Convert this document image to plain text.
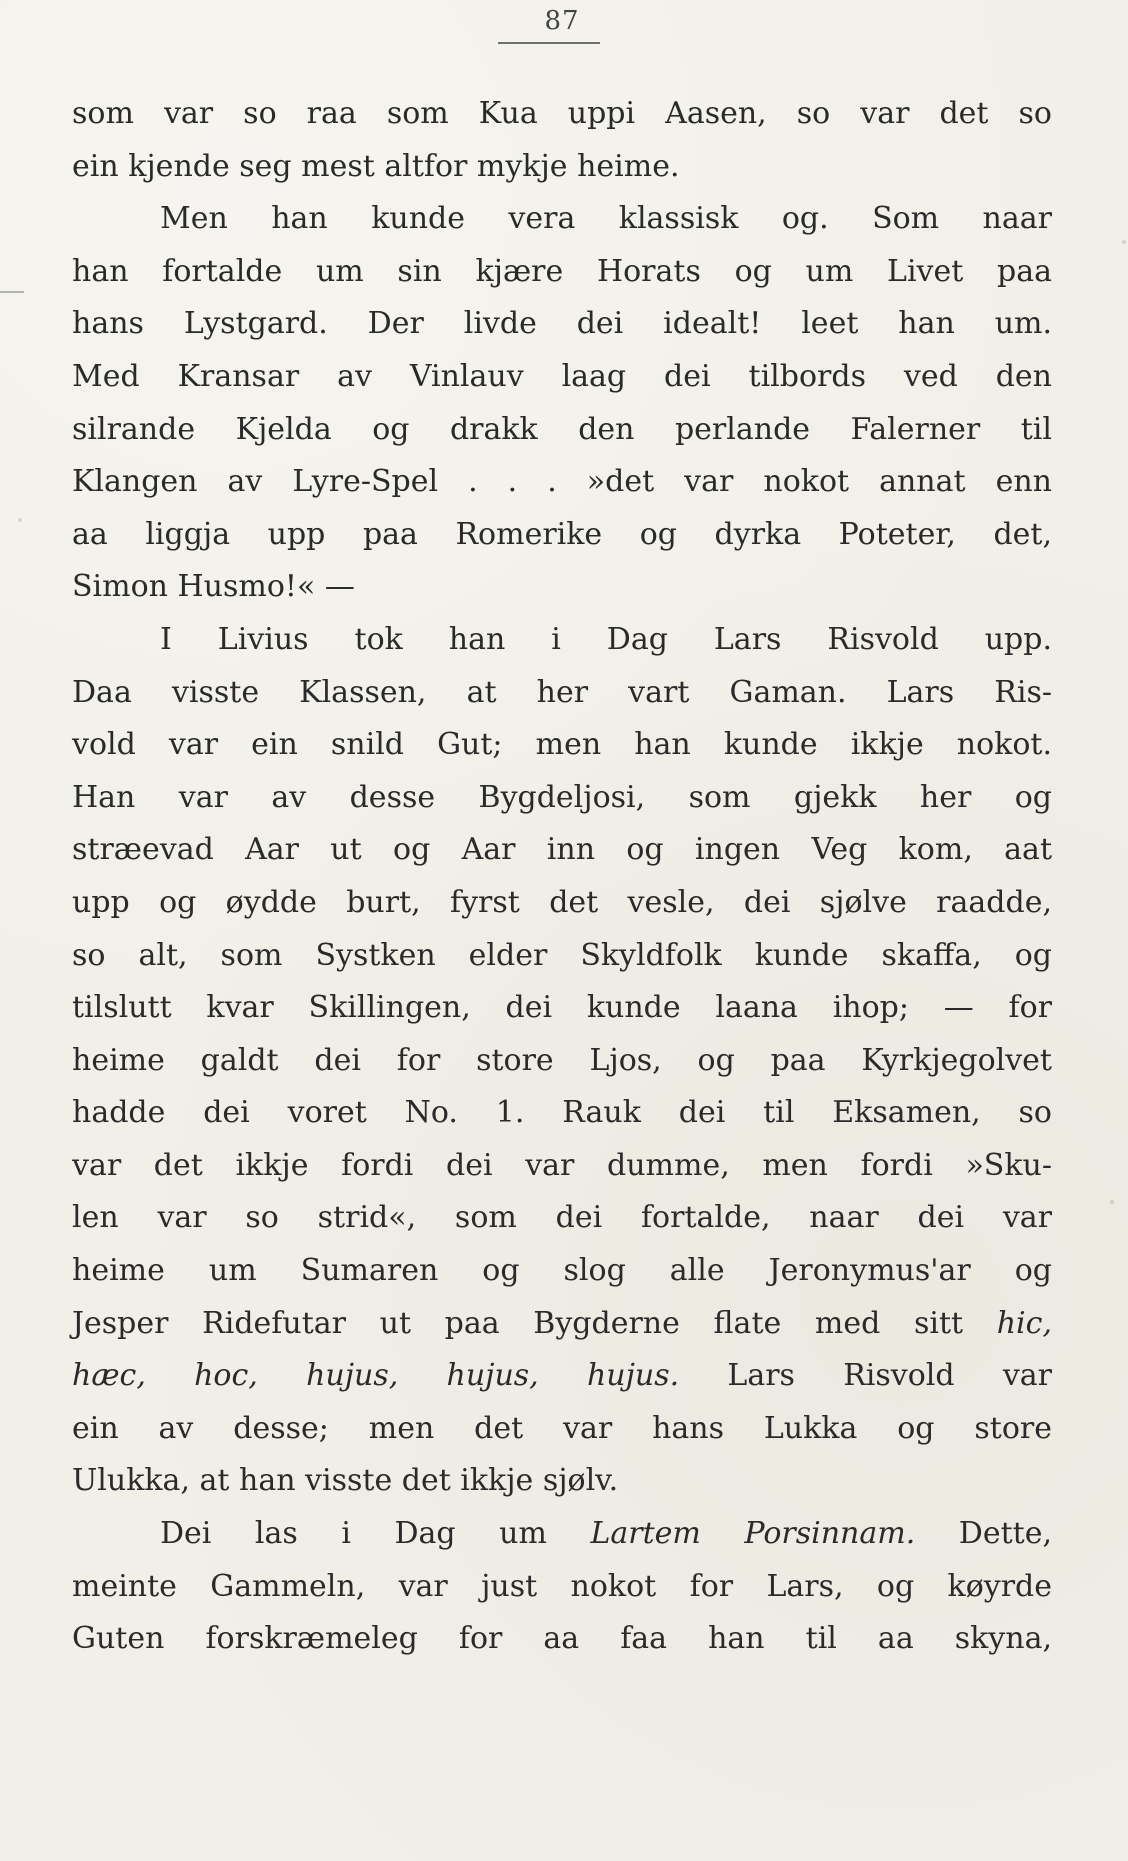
87
som var so raa som Kua uppi Aasen, so var det so
ein kjende seg mest altfor mykje heime.
Men han kunde vera klassisk og. Som naar
han fortalde um sin kjære Horats og um Livet paa
hans Lystgard. Der livde dei idealt! leet han um.
Med Kransar av Vinlauv laag dei tilbords ved den
silrande Kjelda og drakk den perlande Falerner til
Klangen av Lyre-Spel . . . »det var nokot annat enn
aa liggja upp paa Romerike og dyrka Poteter, det,
Simon Husmo!« —
I Livius tok han i Dag Lars Risvold upp.
Daa visste Klassen, at her vart Gaman. Lars Ris-
vold var ein snild Gut; men han kunde ikkje nokot.
Han var av desse Bygdeljosi, som gjekk her og
stræevad Aar ut og Aar inn og ingen Veg kom, aat
upp og øydde burt, fyrst det vesle, dei sjølve raadde,
so alt, som Systken elder Skyldfolk kunde skaffa, og
tilslutt kvar Skillingen, dei kunde laana ihop; — for
heime galdt dei for store Ljos, og paa Kyrkjegolvet
hadde dei voret No. 1. Rauk dei til Eksamen, so
var det ikkje fordi dei var dumme, men fordi »Sku-
len var so strid«, som dei fortalde, naar dei var
heime um Sumaren og slog alle Jeronymus'ar og
Jesper Ridefutar ut paa Bygderne flate med sitt hic,
hæc, hoc, hujus, hujus, hujus. Lars Risvold var
ein av desse; men det var hans Lukka og store
Ulukka, at han visste det ikkje sjølv.
Dei las i Dag um Lartem Porsinnam. Dette,
meinte Gammeln, var just nokot for Lars, og køyrde
Guten forskræmeleg for aa faa han til aa skyna,
